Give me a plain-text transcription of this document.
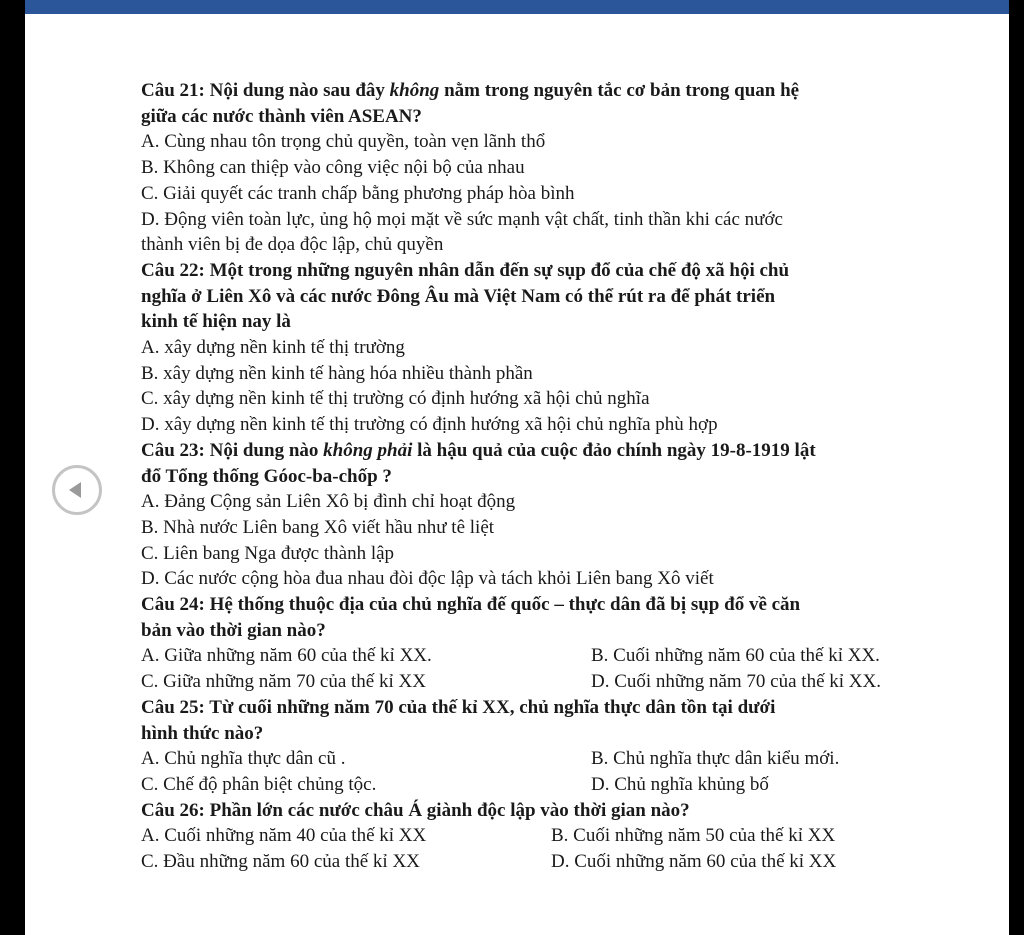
Câu 21: Nội dung nào sau đây không nằm trong nguyên tắc cơ bản trong quan hệ
giữa các nước thành viên ASEAN?
A. Cùng nhau tôn trọng chủ quyền, toàn vẹn lãnh thổ
B. Không can thiệp vào công việc nội bộ của nhau
C. Giải quyết các tranh chấp bằng phương pháp hòa bình
D. Động viên toàn lực, ủng hộ mọi mặt về sức mạnh vật chất, tinh thần khi các nước
thành viên bị đe dọa độc lập, chủ quyền
Câu 22: Một trong những nguyên nhân dẫn đến sự sụp đổ của chế độ xã hội chủ
nghĩa ở Liên Xô và các nước Đông Âu mà Việt Nam có thể rút ra để phát triển
kinh tế hiện nay là
A. xây dựng nền kinh tế thị trường
B. xây dựng nền kinh tế hàng hóa nhiều thành phần
C. xây dựng nền kinh tế thị trường có định hướng xã hội chủ nghĩa
D. xây dựng nền kinh tế thị trường có định hướng xã hội chủ nghĩa phù hợp
Câu 23: Nội dung nào không phải là hậu quả của cuộc đảo chính ngày 19-8-1919 lật
đổ Tổng thống Góoc-ba-chốp ?
A. Đảng Cộng sản Liên Xô bị đình chỉ hoạt động
B. Nhà nước Liên bang Xô viết hầu như tê liệt
C. Liên bang Nga được thành lập
D. Các nước cộng hòa đua nhau đòi độc lập và tách khỏi Liên bang Xô viết
Câu 24: Hệ thống thuộc địa của chủ nghĩa đế quốc – thực dân đã bị sụp đổ về căn
bản vào thời gian nào?
A. Giữa những năm 60 của thế kỉ XX.	B. Cuối những năm 60 của thế kỉ XX.
C. Giữa những năm 70 của thế kỉ XX	D. Cuối những năm 70 của thế kỉ XX.
Câu 25: Từ cuối những năm 70 của thế kỉ XX, chủ nghĩa thực dân tồn tại dưới
hình thức nào?
A. Chủ nghĩa thực dân cũ .	B. Chủ nghĩa thực dân kiểu mới.
C. Chế độ phân biệt chủng tộc.	D. Chủ nghĩa khủng bố
Câu 26: Phần lớn các nước châu Á giành độc lập vào thời gian nào?
A. Cuối những năm 40 của thế kỉ XX	B. Cuối những năm 50 của thế kỉ XX
C. Đầu những năm 60 của thế kỉ XX	D. Cuối những năm 60 của thế kỉ XX
